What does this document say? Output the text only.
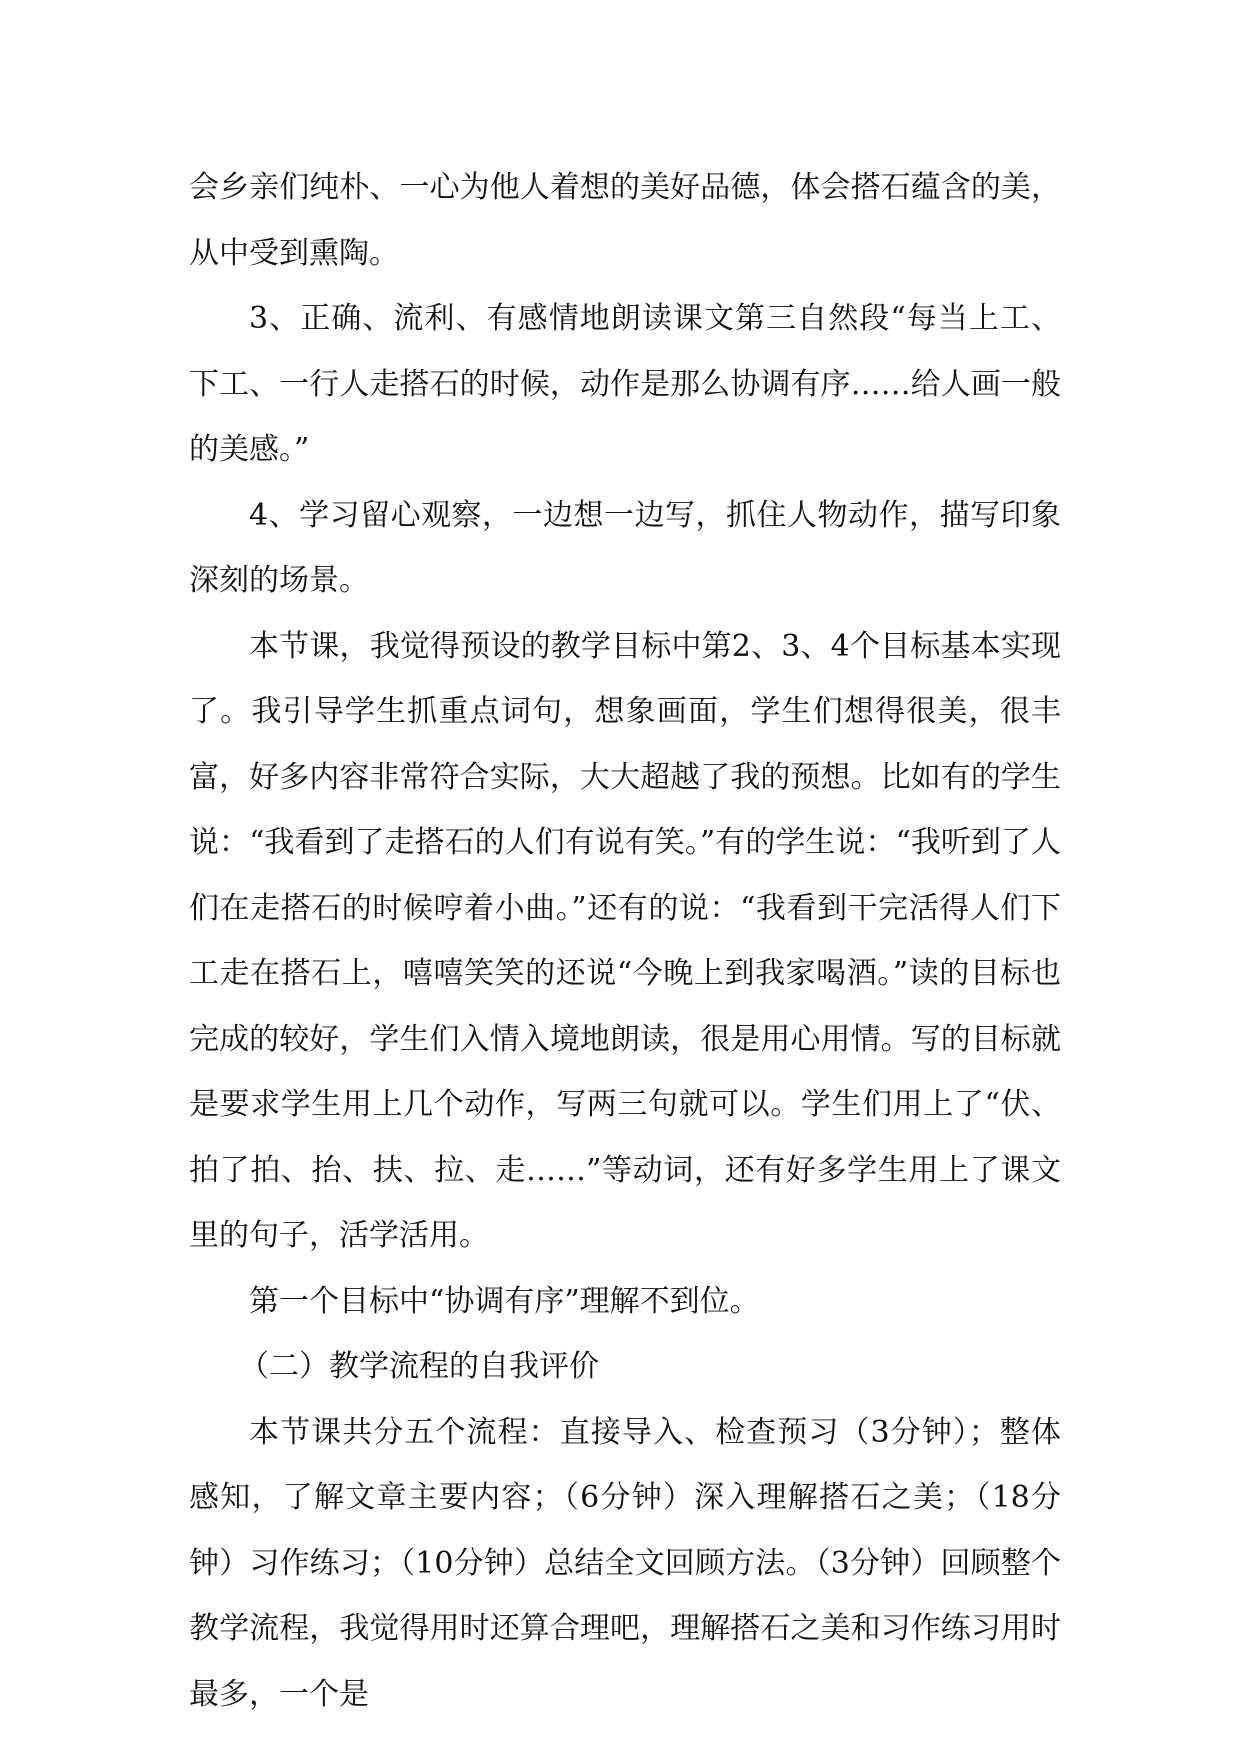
会乡亲们纯朴、一心为他人着想的美好品德，体会搭石蕴含的美，从中受到熏陶。

3、正确、流利、有感情地朗读课文第三自然段“每当上工、下工、一行人走搭石的时候，动作是那么协调有序……给人画一般的美感。”

4、学习留心观察，一边想一边写，抓住人物动作，描写印象深刻的场景。

本节课，我觉得预设的教学目标中第2、3、4个目标基本实现了。我引导学生抓重点词句，想象画面，学生们想得很美，很丰富，好多内容非常符合实际，大大超越了我的预想。比如有的学生说：“我看到了走搭石的人们有说有笑。”有的学生说：“我听到了人们在走搭石的时候哼着小曲。”还有的说：“我看到干完活得人们下工走在搭石上，嘻嘻笑笑的还说“今晚上到我家喝酒。”读的目标也完成的较好，学生们入情入境地朗读，很是用心用情。写的目标就是要求学生用上几个动作，写两三句就可以。学生们用上了“伏、拍了拍、抬、扶、拉、走……”等动词，还有好多学生用上了课文里的句子，活学活用。

第一个目标中“协调有序”理解不到位。

（二）教学流程的自我评价

本节课共分五个流程：直接导入、检查预习（3分钟）；整体感知，了解文章主要内容；（6分钟）深入理解搭石之美；（18分钟）习作练习；（10分钟）总结全文回顾方法。（3分钟）回顾整个教学流程，我觉得用时还算合理吧，理解搭石之美和习作练习用时最多，一个是
